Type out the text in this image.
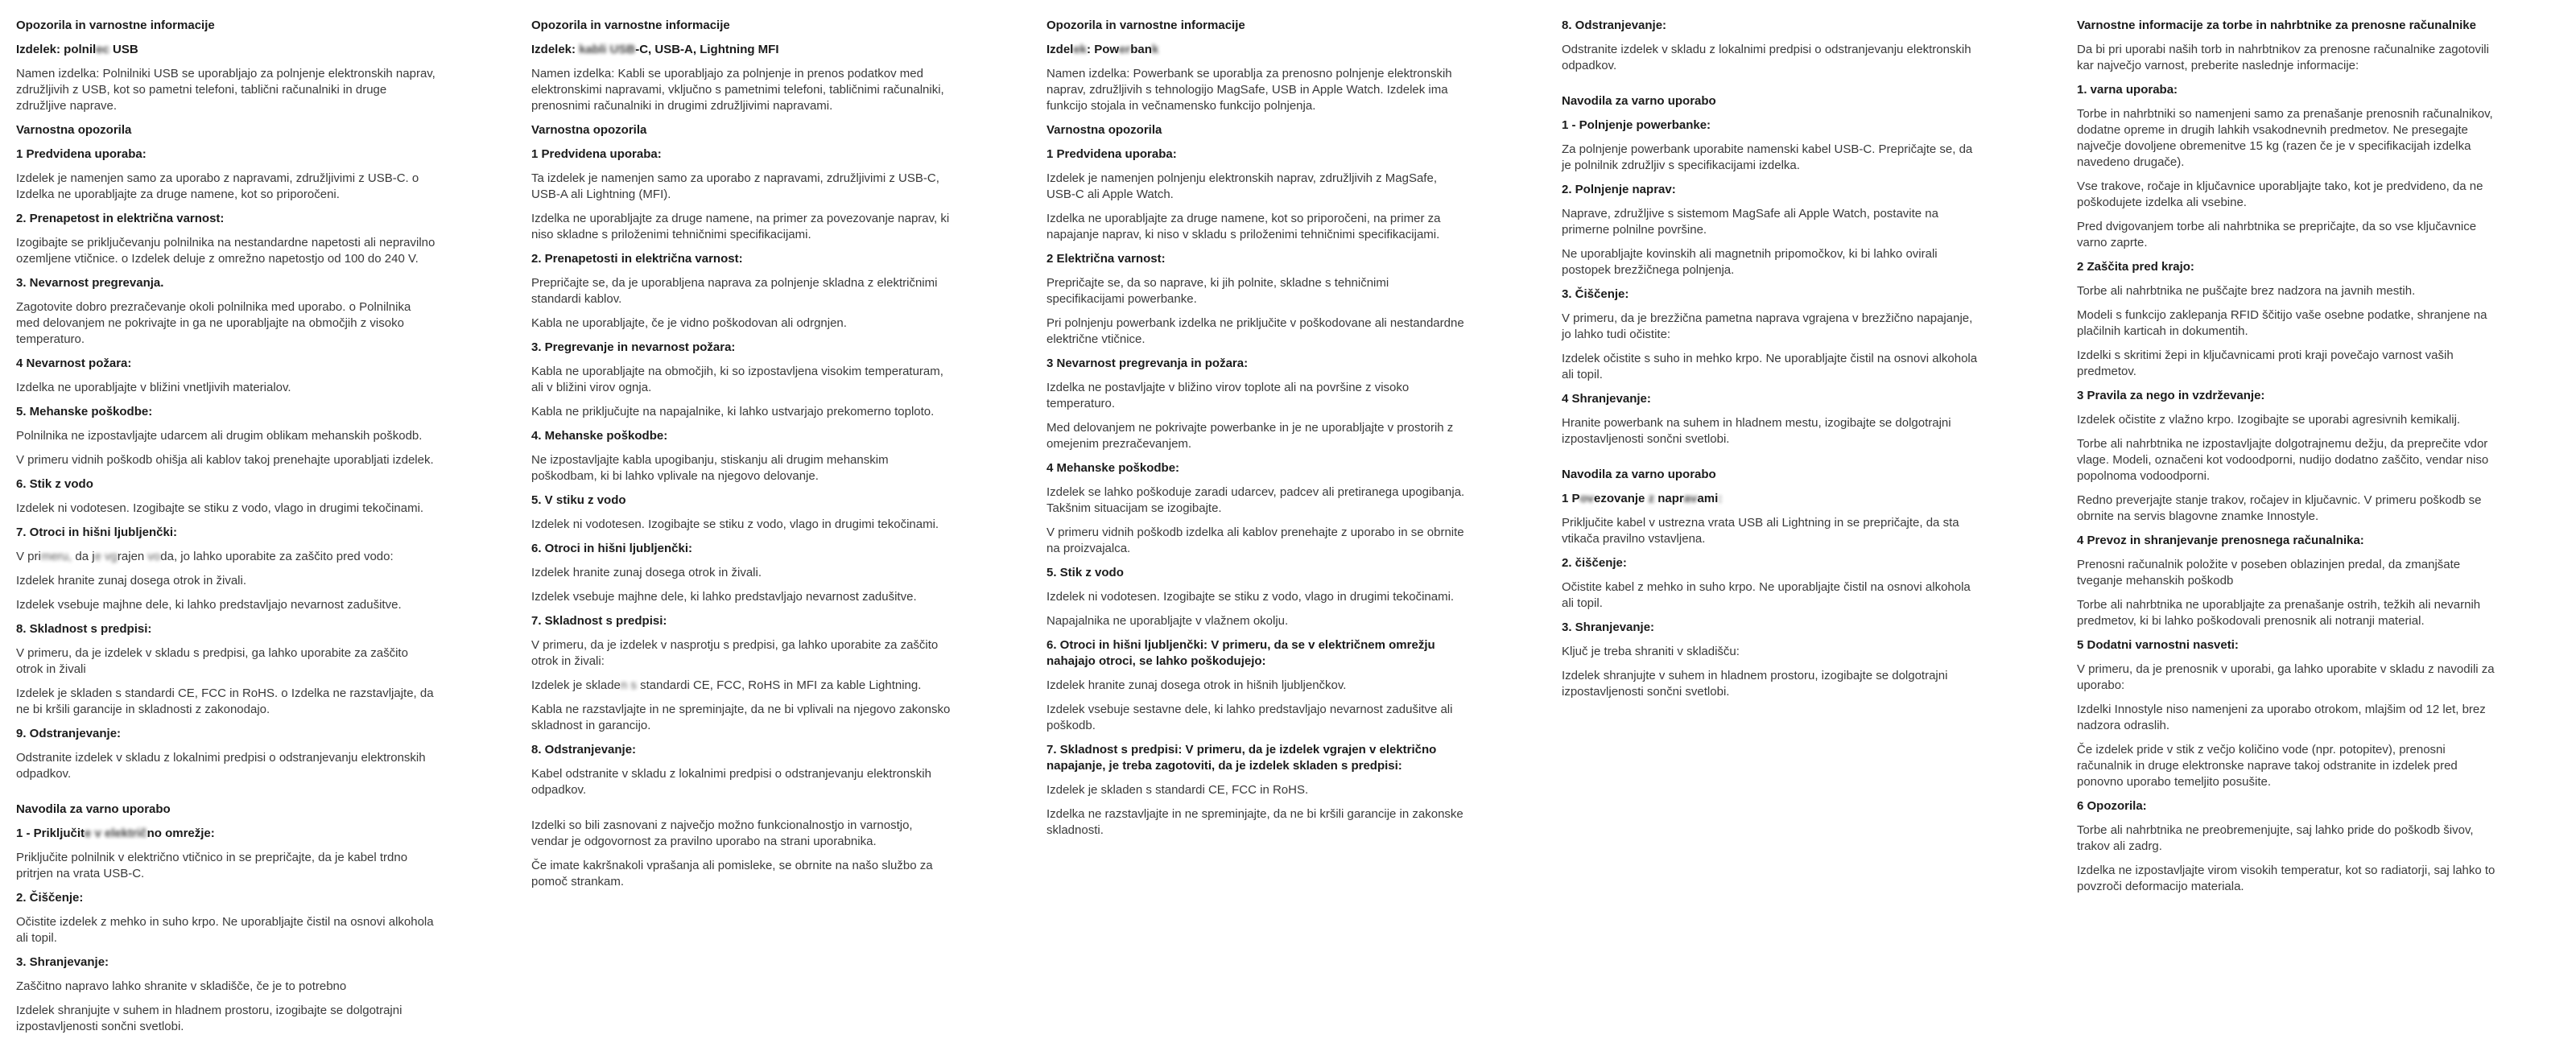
Opozorila in varnostne informacije
Izdelek: polnilec USB

Namen izdelka: Polnilniki USB se uporabljajo za polnjenje elektronskih naprav, združljivih z USB, kot so pametni telefoni, tablični računalniki in druge združljive naprave.

Varnostna opozorila
1 Predvidena uporaba:

Izdelek je namenjen samo za uporabo z napravami, združljivimi z USB-C. o Izdelka ne uporabljajte za druge namene, kot so priporočeni.

2. Prenapetost in električna varnost:

Izogibajte se priključevanju polnilnika na nestandardne napetosti ali nepravilno ozemljene vtičnice. o Izdelek deluje z omrežno napetostjo od 100 do 240 V.

3. Nevarnost pregrevanja.

Zagotovite dobro prezračevanje okoli polnilnika med uporabo. o Polnilnika med delovanjem ne pokrivajte in ga ne uporabljajte na območjih z visoko temperaturo.

4 Nevarnost požara:

Izdelka ne uporabljajte v bližini vnetljivih materialov.

5. Mehanske poškodbe:

Polnilnika ne izpostavljajte udarcem ali drugim oblikam mehanskih poškodb.

V primeru vidnih poškodb ohišja ali kablov takoj prenehajte uporabljati izdelek.

6. Stik z vodo

Izdelek ni vodotesen. Izogibajte se stiku z vodo, vlago in drugimi tekočinami.

7. Otroci in hišni ljubljenčki:

V primeru, da je vgrajen voda, jo lahko uporabite za zaščito pred vodo:

Izdelek hranite zunaj dosega otrok in živali.

Izdelek vsebuje majhne dele, ki lahko predstavljajo nevarnost zadušitve.

8. Skladnost s predpisi:

V primeru, da je izdelek v skladu s predpisi, ga lahko uporabite za zaščito otrok in živali

Izdelek je skladen s standardi CE, FCC in RoHS. o Izdelka ne razstavljajte, da ne bi kršili garancije in skladnosti z zakonodajo.

9. Odstranjevanje:

Odstranite izdelek v skladu z lokalnimi predpisi o odstranjevanju elektronskih odpadkov.

Navodila za varno uporabo
1 - Priključite v električno omrežje:

Priključite polnilnik v električno vtičnico in se prepričajte, da je kabel trdno pritrjen na vrata USB-C.

2. Čiščenje:

Očistite izdelek z mehko in suho krpo. Ne uporabljajte čistil na osnovi alkohola ali topil.

3. Shranjevanje:

Zaščitno napravo lahko shranite v skladišče, če je to potrebno

Izdelek shranjujte v suhem in hladnem prostoru, izogibajte se dolgotrajni izpostavljenosti sončni svetlobi.

Opozorila in varnostne informacije
Izdelek: kabli USB-C, USB-A, Lightning MFI

Namen izdelka: Kabli se uporabljajo za polnjenje in prenos podatkov med elektronskimi napravami, vključno s pametnimi telefoni, tabličnimi računalniki, prenosnimi računalniki in drugimi združljivimi napravami.

Varnostna opozorila
1 Predvidena uporaba:

Ta izdelek je namenjen samo za uporabo z napravami, združljivimi z USB-C, USB-A ali Lightning (MFI).

Izdelka ne uporabljajte za druge namene, na primer za povezovanje naprav, ki niso skladne s priloženimi tehničnimi specifikacijami.

2. Prenapetosti in električna varnost:

Prepričajte se, da je uporabljena naprava za polnjenje skladna z električnimi standardi kablov.

Kabla ne uporabljajte, če je vidno poškodovan ali odrgnjen.

3. Pregrevanje in nevarnost požara:

Kabla ne uporabljajte na območjih, ki so izpostavljena visokim temperaturam, ali v bližini virov ognja.

Kabla ne priključujte na napajalnike, ki lahko ustvarjajo prekomerno toploto.

4. Mehanske poškodbe:

Ne izpostavljajte kabla upogibanju, stiskanju ali drugim mehanskim poškodbam, ki bi lahko vplivale na njegovo delovanje.

5. V stiku z vodo

Izdelek ni vodotesen. Izogibajte se stiku z vodo, vlago in drugimi tekočinami.

6. Otroci in hišni ljubljenčki:

Izdelek hranite zunaj dosega otrok in živali.

Izdelek vsebuje majhne dele, ki lahko predstavljajo nevarnost zadušitve.

7. Skladnost s predpisi:

V primeru, da je izdelek v nasprotju s predpisi, ga lahko uporabite za zaščito otrok in živali:

Izdelek je skladen s standardi CE, FCC, RoHS in MFI za kable Lightning.

Kabla ne razstavljajte in ne spreminjajte, da ne bi vplivali na njegovo zakonsko skladnost in garancijo.

8. Odstranjevanje:

Kabel odstranite v skladu z lokalnimi predpisi o odstranjevanju elektronskih odpadkov.

Izdelki so bili zasnovani z največjo možno funkcionalnostjo in varnostjo, vendar je odgovornost za pravilno uporabo na strani uporabnika.

Če imate kakršnakoli vprašanja ali pomisleke, se obrnite na našo službo za pomoč strankam.

Opozorila in varnostne informacije
Izdelek: Powerbank

Namen izdelka: Powerbank se uporablja za prenosno polnjenje elektronskih naprav, združljivih s tehnologijo MagSafe, USB in Apple Watch. Izdelek ima funkcijo stojala in večnamensko funkcijo polnjenja.

Varnostna opozorila
1 Predvidena uporaba:

Izdelek je namenjen polnjenju elektronskih naprav, združljivih z MagSafe, USB-C ali Apple Watch.

Izdelka ne uporabljajte za druge namene, kot so priporočeni, na primer za napajanje naprav, ki niso v skladu s priloženimi tehničnimi specifikacijami.

2 Električna varnost:

Prepričajte se, da so naprave, ki jih polnite, skladne s tehničnimi specifikacijami powerbanke.

Pri polnjenju powerbank izdelka ne priključite v poškodovane ali nestandardne električne vtičnice.

3 Nevarnost pregrevanja in požara:

Izdelka ne postavljajte v bližino virov toplote ali na površine z visoko temperaturo.

Med delovanjem ne pokrivajte powerbanke in je ne uporabljajte v prostorih z omejenim prezračevanjem.

4 Mehanske poškodbe:

Izdelek se lahko poškoduje zaradi udarcev, padcev ali pretiranega upogibanja. Takšnim situacijam se izogibajte.

V primeru vidnih poškodb izdelka ali kablov prenehajte z uporabo in se obrnite na proizvajalca.

5. Stik z vodo

Izdelek ni vodotesen. Izogibajte se stiku z vodo, vlago in drugimi tekočinami.

Napajalnika ne uporabljajte v vlažnem okolju.

6. Otroci in hišni ljubljenčki: V primeru, da se v električnem omrežju nahajajo otroci, se lahko poškodujejo:

Izdelek hranite zunaj dosega otrok in hišnih ljubljenčkov.

Izdelek vsebuje sestavne dele, ki lahko predstavljajo nevarnost zadušitve ali poškodb.

7. Skladnost s predpisi: V primeru, da je izdelek vgrajen v električno napajanje, je treba zagotoviti, da je izdelek skladen s predpisi:

Izdelek je skladen s standardi CE, FCC in RoHS.

Izdelka ne razstavljajte in ne spreminjajte, da ne bi kršili garancije in zakonske skladnosti.

8. Odstranjevanje:

Odstranite izdelek v skladu z lokalnimi predpisi o odstranjevanju elektronskih odpadkov.

Navodila za varno uporabo
1 - Polnjenje powerbanke:

Za polnjenje powerbank uporabite namenski kabel USB-C. Prepričajte se, da je polnilnik združljiv s specifikacijami izdelka.

2. Polnjenje naprav:

Naprave, združljive s sistemom MagSafe ali Apple Watch, postavite na primerne polnilne površine.

Ne uporabljajte kovinskih ali magnetnih pripomočkov, ki bi lahko ovirali postopek brezžičnega polnjenja.

3. Čiščenje:

V primeru, da je brezžična pametna naprava vgrajena v brezžično napajanje, jo lahko tudi očistite:

Izdelek očistite s suho in mehko krpo. Ne uporabljajte čistil na osnovi alkohola ali topil.

4 Shranjevanje:

Hranite powerbank na suhem in hladnem mestu, izogibajte se dolgotrajni izpostavljenosti sončni svetlobi.

Navodila za varno uporabo
1 Povezovanje z napravami:

Priključite kabel v ustrezna vrata USB ali Lightning in se prepričajte, da sta vtikača pravilno vstavljena.

2. čiščenje:

Očistite kabel z mehko in suho krpo. Ne uporabljajte čistil na osnovi alkohola ali topil.

3. Shranjevanje:

Ključ je treba shraniti v skladišču:

Izdelek shranjujte v suhem in hladnem prostoru, izogibajte se dolgotrajni izpostavljenosti sončni svetlobi.

Varnostne informacije za torbe in nahrbtnike za prenosne računalnike

Da bi pri uporabi naših torb in nahrbtnikov za prenosne računalnike zagotovili kar največjo varnost, preberite naslednje informacije:

1. varna uporaba:

Torbe in nahrbtniki so namenjeni samo za prenašanje prenosnih računalnikov, dodatne opreme in drugih lahkih vsakodnevnih predmetov. Ne presegajte največje dovoljene obremenitve 15 kg (razen če je v specifikacijah izdelka navedeno drugače).

Vse trakove, ročaje in ključavnice uporabljajte tako, kot je predvideno, da ne poškodujete izdelka ali vsebine.

Pred dvigovanjem torbe ali nahrbtnika se prepričajte, da so vse ključavnice varno zaprte.

2 Zaščita pred krajo:

Torbe ali nahrbtnika ne puščajte brez nadzora na javnih mestih.

Modeli s funkcijo zaklepanja RFID ščitijo vaše osebne podatke, shranjene na plačilnih karticah in dokumentih.

Izdelki s skritimi žepi in ključavnicami proti kraji povečajo varnost vaših predmetov.

3 Pravila za nego in vzdrževanje:

Izdelek očistite z vlažno krpo. Izogibajte se uporabi agresivnih kemikalij.

Torbe ali nahrbtnika ne izpostavljajte dolgotrajnemu dežju, da preprečite vdor vlage. Modeli, označeni kot vodoodporni, nudijo dodatno zaščito, vendar niso popolnoma vodoodporni.

Redno preverjajte stanje trakov, ročajev in ključavnic. V primeru poškodb se obrnite na servis blagovne znamke Innostyle.

4 Prevoz in shranjevanje prenosnega računalnika:

Prenosni računalnik položite v poseben oblazinjen predal, da zmanjšate tveganje mehanskih poškodb

Torbe ali nahrbtnika ne uporabljajte za prenašanje ostrih, težkih ali nevarnih predmetov, ki bi lahko poškodovali prenosnik ali notranji material.

5 Dodatni varnostni nasveti:

V primeru, da je prenosnik v uporabi, ga lahko uporabite v skladu z navodili za uporabo:

Izdelki Innostyle niso namenjeni za uporabo otrokom, mlajšim od 12 let, brez nadzora odraslih.

Če izdelek pride v stik z večjo količino vode (npr. potopitev), prenosni računalnik in druge elektronske naprave takoj odstranite in izdelek pred ponovno uporabo temeljito posušite.

6 Opozorila:

Torbe ali nahrbtnika ne preobremenjujte, saj lahko pride do poškodb šivov, trakov ali zadrg.

Izdelka ne izpostavljajte virom visokih temperatur, kot so radiatorji, saj lahko to povzroči deformacijo materiala.
